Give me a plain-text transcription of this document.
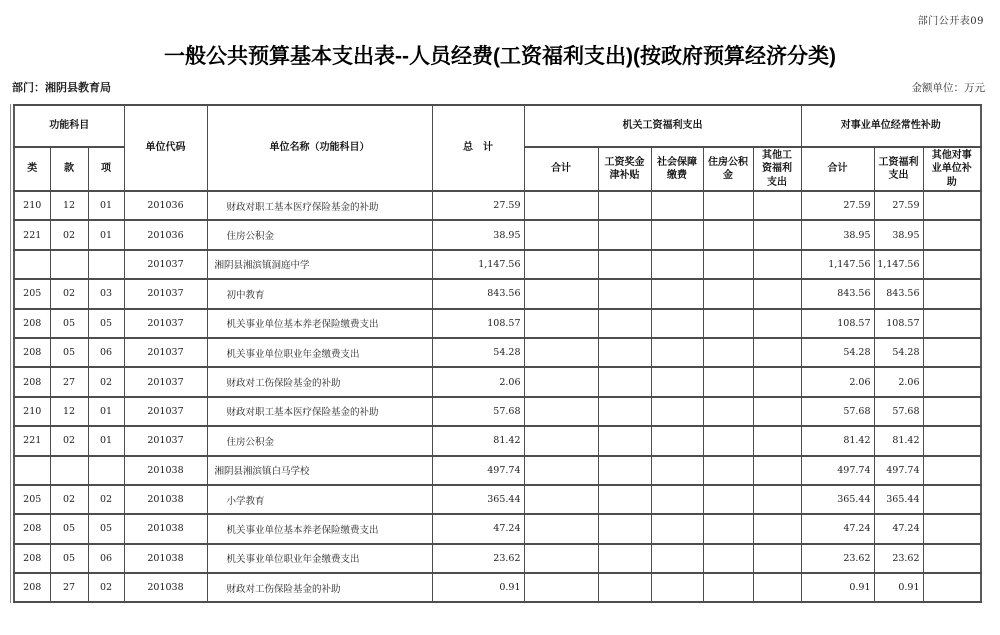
部门公开表09
一般公共预算基本支出表--人员经费(工资福利支出)(按政府预算经济分类)
部门：湘阴县教育局	金额单位：万元
功能科目			单位代码	单位名称（功能科目）	总　计	机关工资福利支出					对事业单位经常性补助		
类	款	项				合计	工资奖金津补贴	社会保障缴费	住房公积金	其他工资福利支出	合计	工资福利支出	其他对事业单位补助
210	12	01	201036	财政对职工基本医疗保险基金的补助	27.59						27.59	27.59	
221	02	01	201036	住房公积金	38.95						38.95	38.95	
			201037	湘阴县湘滨镇洞庭中学	1,147.56						1,147.56	1,147.56	
205	02	03	201037	初中教育	843.56						843.56	843.56	
208	05	05	201037	机关事业单位基本养老保险缴费支出	108.57						108.57	108.57	
208	05	06	201037	机关事业单位职业年金缴费支出	54.28						54.28	54.28	
208	27	02	201037	财政对工伤保险基金的补助	2.06						2.06	2.06	
210	12	01	201037	财政对职工基本医疗保险基金的补助	57.68						57.68	57.68	
221	02	01	201037	住房公积金	81.42						81.42	81.42	
			201038	湘阴县湘滨镇白马学校	497.74						497.74	497.74	
205	02	02	201038	小学教育	365.44						365.44	365.44	
208	05	05	201038	机关事业单位基本养老保险缴费支出	47.24						47.24	47.24	
208	05	06	201038	机关事业单位职业年金缴费支出	23.62						23.62	23.62	
208	27	02	201038	财政对工伤保险基金的补助	0.91						0.91	0.91	
